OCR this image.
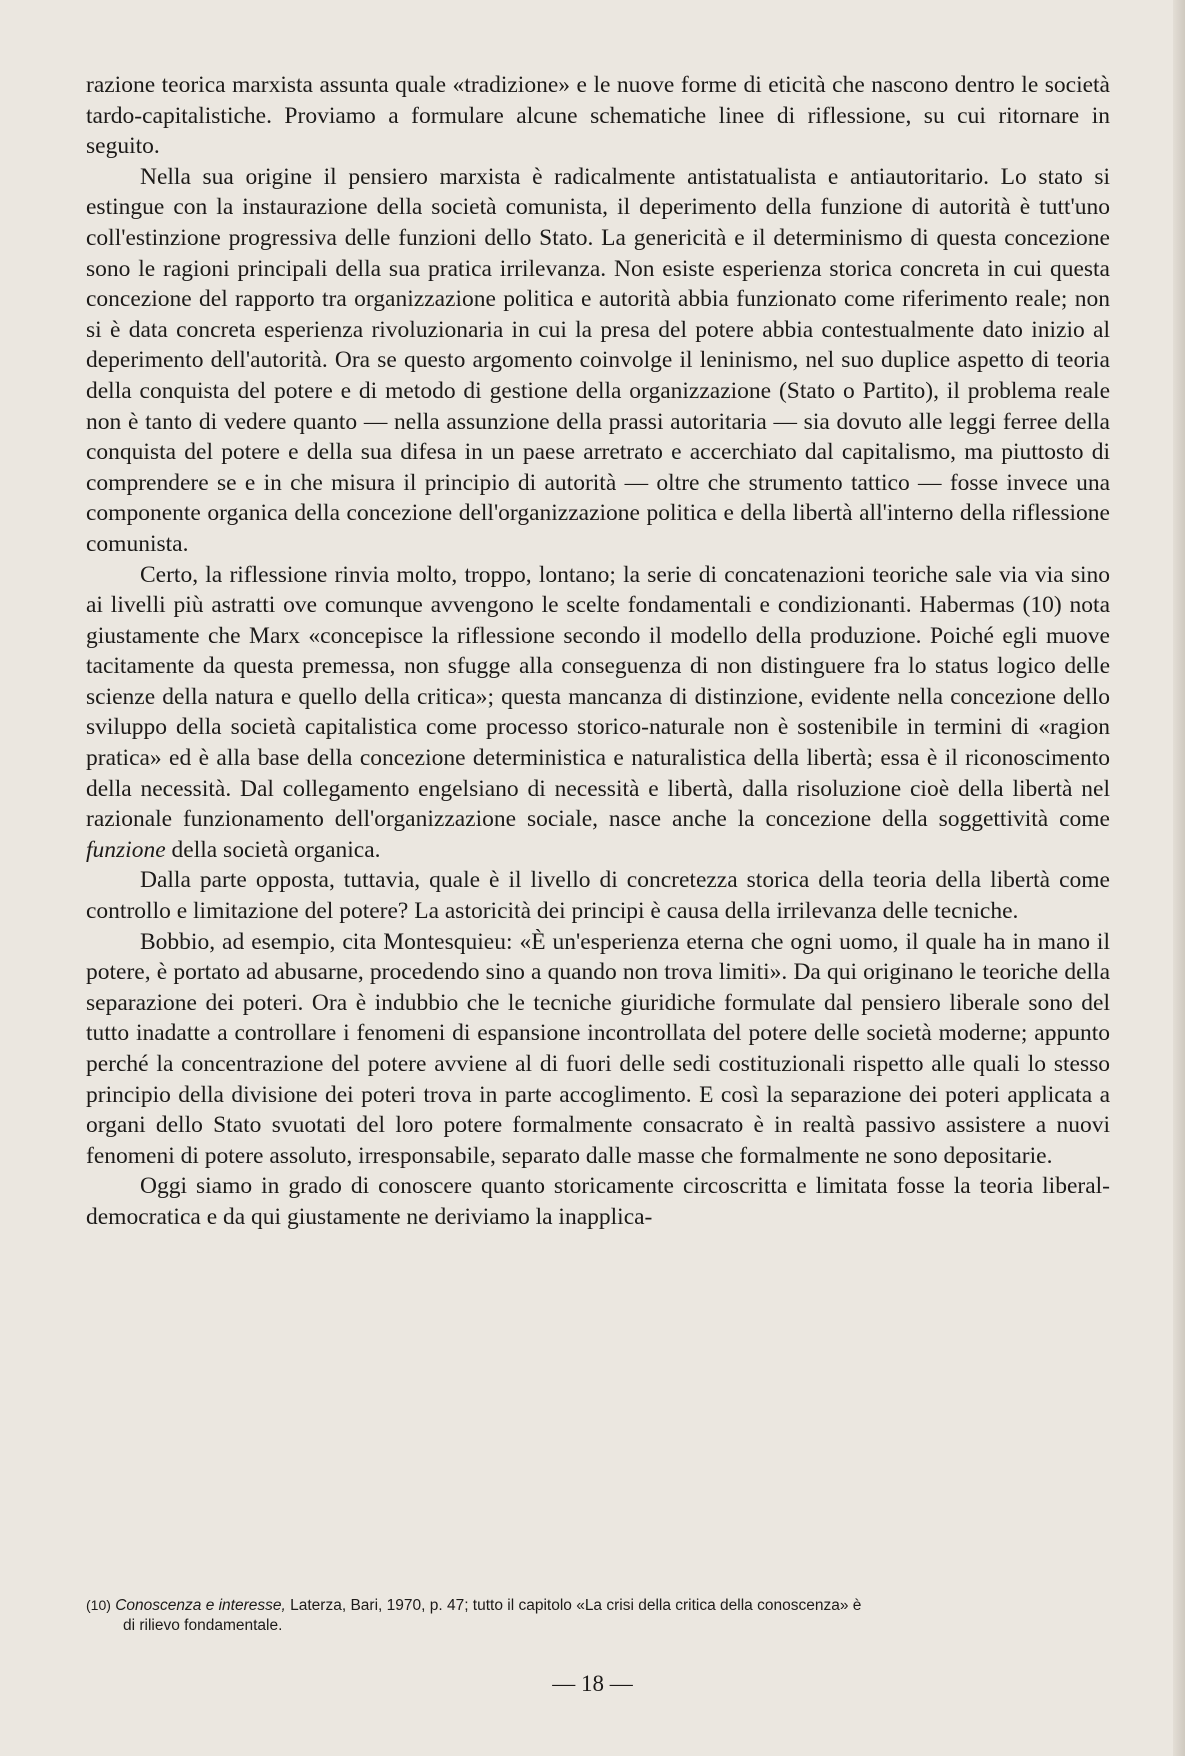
razione teorica marxista assunta quale «tradizione» e le nuove forme di eticità che nascono dentro le società tardo-capitalistiche. Proviamo a formulare alcune schematiche linee di riflessione, su cui ritornare in seguito.

Nella sua origine il pensiero marxista è radicalmente antistatualista e antiautoritario. Lo stato si estingue con la instaurazione della società comunista, il deperimento della funzione di autorità è tutt'uno coll'estinzione progressiva delle funzioni dello Stato. La genericità e il determinismo di questa concezione sono le ragioni principali della sua pratica irrilevanza. Non esiste esperienza storica concreta in cui questa concezione del rapporto tra organizzazione politica e autorità abbia funzionato come riferimento reale; non si è data concreta esperienza rivoluzionaria in cui la presa del potere abbia contestualmente dato inizio al deperimento dell'autorità. Ora se questo argomento coinvolge il leninismo, nel suo duplice aspetto di teoria della conquista del potere e di metodo di gestione della organizzazione (Stato o Partito), il problema reale non è tanto di vedere quanto — nella assunzione della prassi autoritaria — sia dovuto alle leggi ferree della conquista del potere e della sua difesa in un paese arretrato e accerchiato dal capitalismo, ma piuttosto di comprendere se e in che misura il principio di autorità — oltre che strumento tattico — fosse invece una componente organica della concezione dell'organizzazione politica e della libertà all'interno della riflessione comunista.

Certo, la riflessione rinvia molto, troppo, lontano; la serie di concatenazioni teoriche sale via via sino ai livelli più astratti ove comunque avvengono le scelte fondamentali e condizionanti. Habermas (10) nota giustamente che Marx «concepisce la riflessione secondo il modello della produzione. Poiché egli muove tacitamente da questa premessa, non sfugge alla conseguenza di non distinguere fra lo status logico delle scienze della natura e quello della critica»; questa mancanza di distinzione, evidente nella concezione dello sviluppo della società capitalistica come processo storico-naturale non è sostenibile in termini di «ragion pratica» ed è alla base della concezione deterministica e naturalistica della libertà; essa è il riconoscimento della necessità. Dal collegamento engelsiano di necessità e libertà, dalla risoluzione cioè della libertà nel razionale funzionamento dell'organizzazione sociale, nasce anche la concezione della soggettività come funzione della società organica.

Dalla parte opposta, tuttavia, quale è il livello di concretezza storica della teoria della libertà come controllo e limitazione del potere? La astoricità dei principi è causa della irrilevanza delle tecniche.

Bobbio, ad esempio, cita Montesquieu: «È un'esperienza eterna che ogni uomo, il quale ha in mano il potere, è portato ad abusarne, procedendo sino a quando non trova limiti». Da qui originano le teoriche della separazione dei poteri. Ora è indubbio che le tecniche giuridiche formulate dal pensiero liberale sono del tutto inadatte a controllare i fenomeni di espansione incontrollata del potere delle società moderne; appunto perché la concentrazione del potere avviene al di fuori delle sedi costituzionali rispetto alle quali lo stesso principio della divisione dei poteri trova in parte accoglimento. E così la separazione dei poteri applicata a organi dello Stato svuotati del loro potere formalmente consacrato è in realtà passivo assistere a nuovi fenomeni di potere assoluto, irresponsabile, separato dalle masse che formalmente ne sono depositarie.

Oggi siamo in grado di conoscere quanto storicamente circoscritta e limitata fosse la teoria liberal-democratica e da qui giustamente ne deriviamo la inapplica-

(10) Conoscenza e interesse, Laterza, Bari, 1970, p. 47; tutto il capitolo «La crisi della critica della conoscenza» è
di rilievo fondamentale.
— 18 —
